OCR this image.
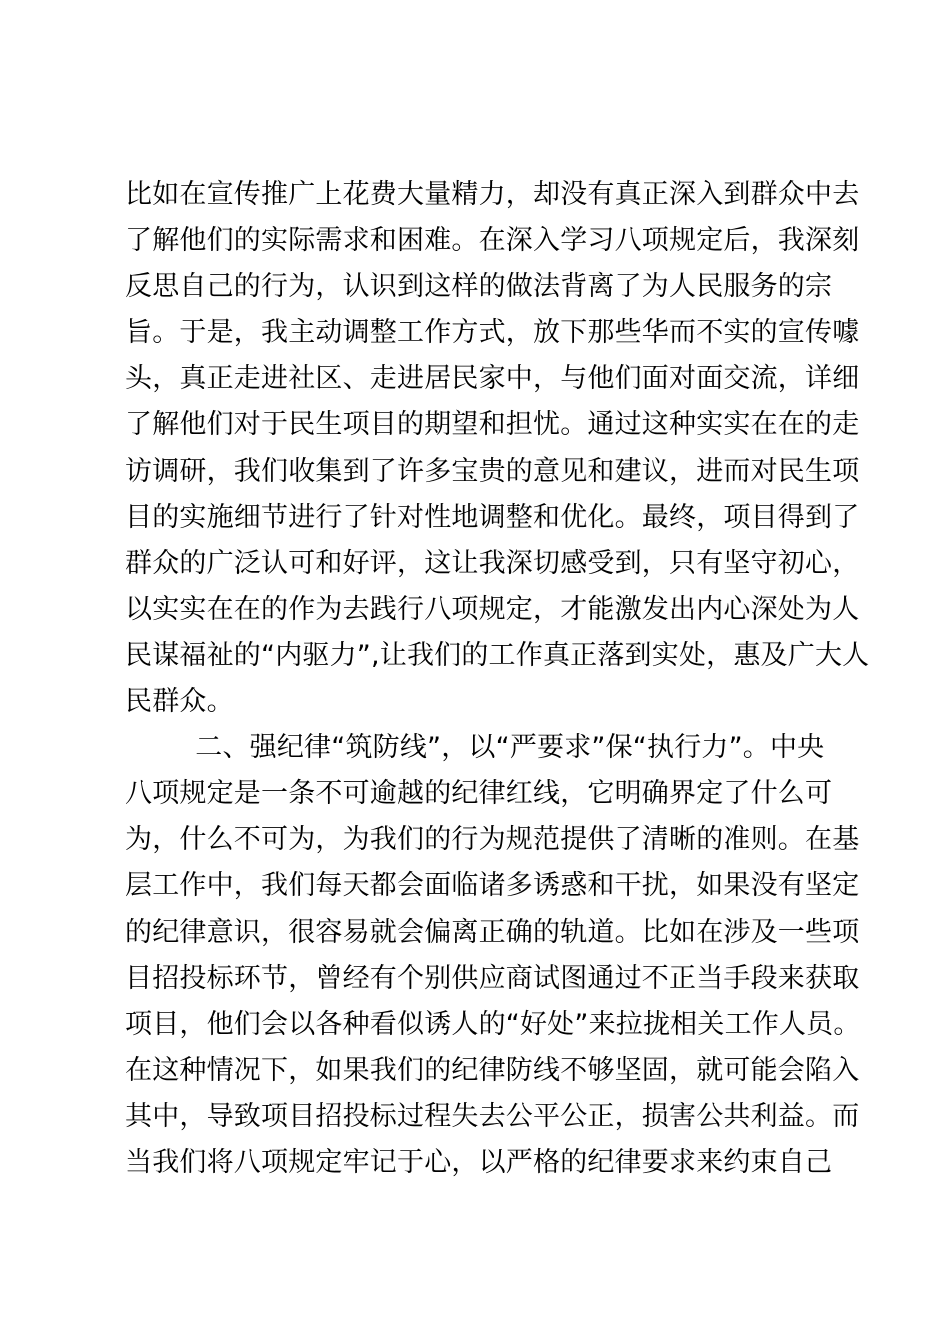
比如在宣传推广上花费大量精力，却没有真正深入到群众中去
了解他们的实际需求和困难。在深入学习八项规定后，我深刻
反思自己的行为，认识到这样的做法背离了为人民服务的宗
旨。于是，我主动调整工作方式，放下那些华而不实的宣传噱
头，真正走进社区、走进居民家中，与他们面对面交流，详细
了解他们对于民生项目的期望和担忧。通过这种实实在在的走
访调研，我们收集到了许多宝贵的意见和建议，进而对民生项
目的实施细节进行了针对性地调整和优化。最终，项目得到了
群众的广泛认可和好评，这让我深切感受到，只有坚守初心，
以实实在在的作为去践行八项规定，才能激发出内心深处为人
民谋福祉的“内驱力”,让我们的工作真正落到实处，惠及广大人
民群众。
二、强纪律“筑防线”，以“严要求”保“执行力”。中央
八项规定是一条不可逾越的纪律红线，它明确界定了什么可
为，什么不可为，为我们的行为规范提供了清晰的准则。在基
层工作中，我们每天都会面临诸多诱惑和干扰，如果没有坚定
的纪律意识，很容易就会偏离正确的轨道。比如在涉及一些项
目招投标环节，曾经有个别供应商试图通过不正当手段来获取
项目，他们会以各种看似诱人的“好处”来拉拢相关工作人员。
在这种情况下，如果我们的纪律防线不够坚固，就可能会陷入
其中，导致项目招投标过程失去公平公正，损害公共利益。而
当我们将八项规定牢记于心，以严格的纪律要求来约束自己
